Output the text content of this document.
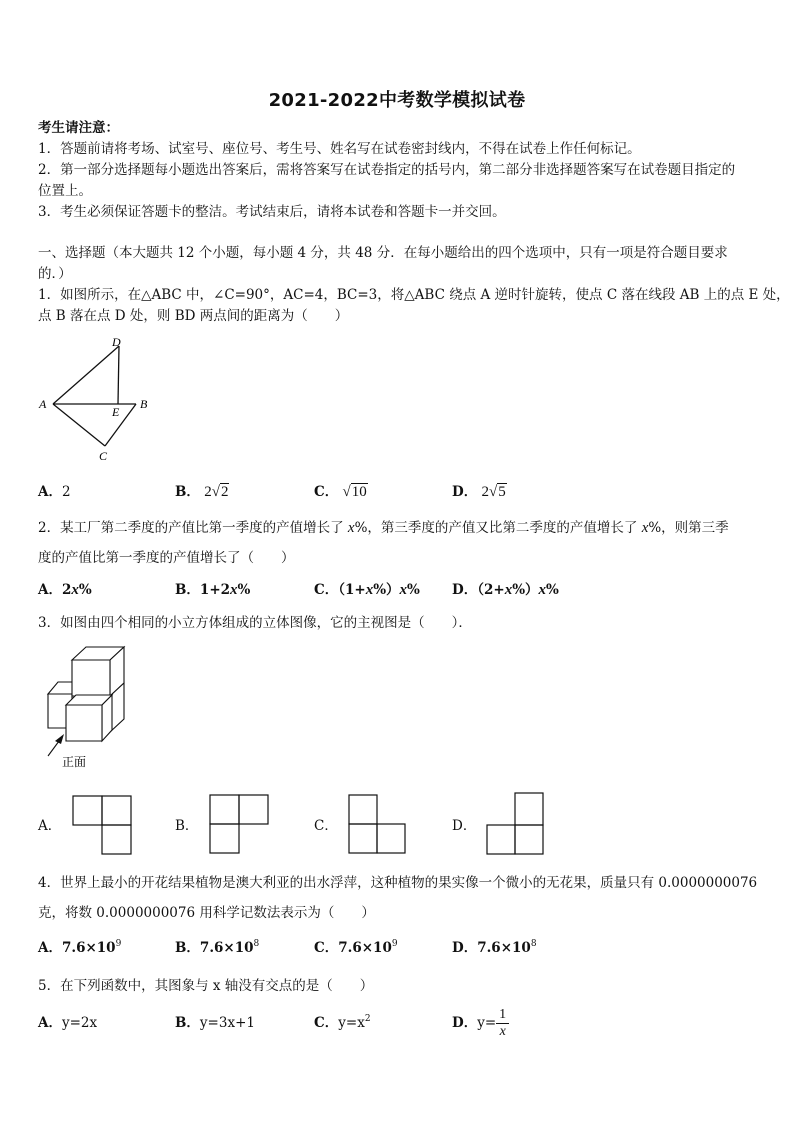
2021-2022中考数学模拟试卷
考生请注意：
1．答题前请将考场、试室号、座位号、考生号、姓名写在试卷密封线内，不得在试卷上作任何标记。
2．第一部分选择题每小题选出答案后，需将答案写在试卷指定的括号内，第二部分非选择题答案写在试卷题目指定的
位置上。
3．考生必须保证答题卡的整洁。考试结束后，请将本试卷和答题卡一并交回。
一、选择题（本大题共 12 个小题，每小题 4 分，共 48 分．在每小题给出的四个选项中，只有一项是符合题目要求
的．）
1．如图所示，在△ABC 中，∠C=90°，AC=4，BC=3，将△ABC 绕点 A 逆时针旋转，使点 C 落在线段 AB 上的点 E 处，
点 B 落在点 D 处，则 BD 两点间的距离为（　　）
D
A
E
B
C
A．2	B． 2√2	C． √10	D． 2√5
2．某工厂第二季度的产值比第一季度的产值增长了 x%，第三季度的产值又比第二季度的产值增长了 x%，则第三季
度的产值比第一季度的产值增长了（　　）
A．2x%	B．1+2x%	C．（1+x%）x% D．（2+x%）x%
3．如图由四个相同的小立方体组成的立体图像，它的主视图是（　　）．
正面
A．	B．	C．	D．
4．世界上最小的开花结果植物是澳大利亚的出水浮萍，这种植物的果实像一个微小的无花果，质量只有 0.0000000076
克，将数 0.0000000076 用科学记数法表示为（　　）
A．$7.6\times 10^9$	B．$7.6\times 10^8$	C．$7.6\times 10^9$	D．$7.6\times 10^8$
5．在下列函数中，其图象与 x 轴没有交点的是（　　）
A．y=2x	B．y=3x+1	C．$y=x^2$	D．$y= \frac{1}{x}$
